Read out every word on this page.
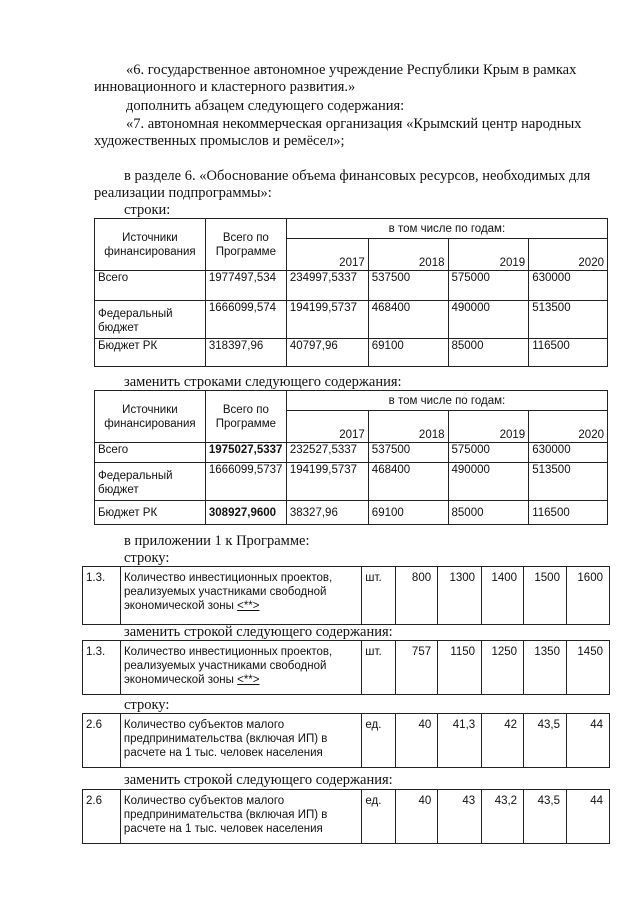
«6. государственное автономное учреждение Республики Крым в рамках
инновационного и кластерного развития.»
дополнить абзацем следующего содержания:
«7. автономная некоммерческая организация «Крымский центр народных
художественных промыслов и ремёсел»;
в разделе 6. «Обоснование объема финансовых ресурсов, необходимых для
реализации подпрограммы»:
строки:
Источники финансирования	Всего по Программе	в том числе по годам:			
		2017	2018	2019	2020
Всего	1977497,534	234997,5337	537500	575000	630000
Федеральный бюджет	1666099,574	194199,5737	468400	490000	513500
Бюджет РК	318397,96	40797,96	69100	85000	116500
заменить строками следующего содержания:
Источники финансирования	Всего по Программе	в том числе по годам:			
		2017	2018	2019	2020
Всего	1975027,5337	232527,5337	537500	575000	630000
Федеральный бюджет	1666099,5737	194199,5737	468400	490000	513500
Бюджет РК	308927,9600	38327,96	69100	85000	116500
в приложении 1 к Программе:
строку:
1.3.	Количество инвестиционных проектов, реализуемых участниками свободной экономической зоны <**>	шт.	800	1300	1400	1500	1600
заменить строкой следующего содержания:
1.3.	Количество инвестиционных проектов, реализуемых участниками свободной экономической зоны <**>	шт.	757	1150	1250	1350	1450
строку:
2.6	Количество субъектов малого предпринимательства (включая ИП) в расчете на 1 тыс. человек населения	ед.	40	41,3	42	43,5	44
заменить строкой следующего содержания:
2.6	Количество субъектов малого предпринимательства (включая ИП) в расчете на 1 тыс. человек населения	ед.	40	43	43,2	43,5	44
